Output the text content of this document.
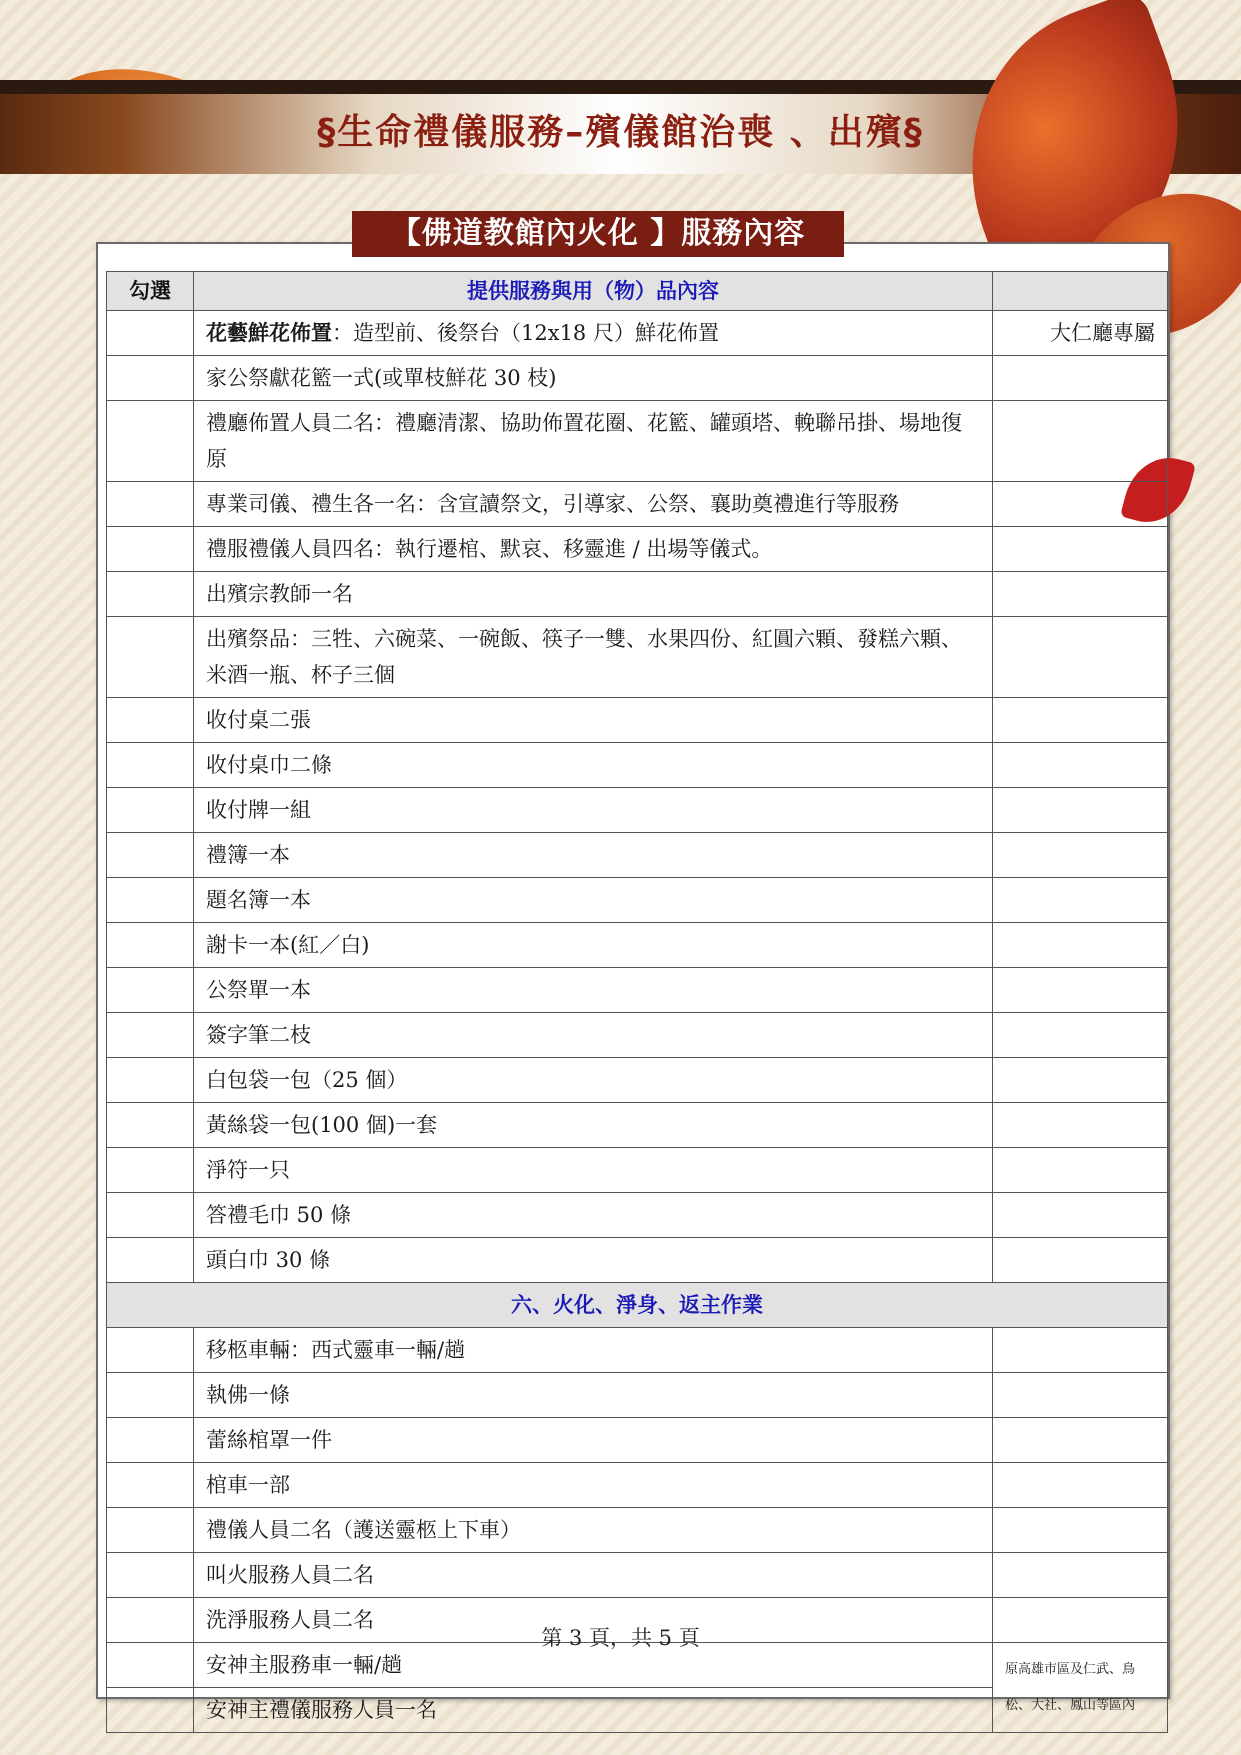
§生命禮儀服務–殯儀館治喪 、出殯§
【佛道教館內火化 】服務內容
勾選	提供服務與用（物）品內容	
	花藝鮮花佈置：造型前、後祭台（12x18 尺）鮮花佈置	大仁廳專屬
	家公祭獻花籃一式(或單枝鮮花 30 枝)	
	禮廳佈置人員二名：禮廳清潔、協助佈置花圈、花籃、罐頭塔、輓聯吊掛、場地復原	
	專業司儀、禮生各一名：含宣讀祭文，引導家、公祭、襄助奠禮進行等服務	
	禮服禮儀人員四名：執行遷棺、默哀、移靈進 / 出場等儀式。	
	出殯宗教師一名	
	出殯祭品：三牲、六碗菜、一碗飯、筷子一雙、水果四份、紅圓六顆、發糕六顆、米酒一瓶、杯子三個	
	收付桌二張	
	收付桌巾二條	
	收付牌一組	
	禮簿一本	
	題名簿一本	
	謝卡一本(紅／白)	
	公祭單一本	
	簽字筆二枝	
	白包袋一包（25 個）	
	黃絲袋一包(100 個)一套	
	淨符一只	
	答禮毛巾 50 條	
	頭白巾 30 條	
六、火化、淨身、返主作業		
	移柩車輛：西式靈車一輛/趟	
	執佛一條	
	蕾絲棺罩一件	
	棺車一部	
	禮儀人員二名（護送靈柩上下車）	
	叫火服務人員二名	
	洗淨服務人員二名	
	安神主服務車一輛/趟	原高雄市區及仁武、鳥松、大社、鳳山等區內
	安神主禮儀服務人員一名	
第 3 頁，共 5 頁
